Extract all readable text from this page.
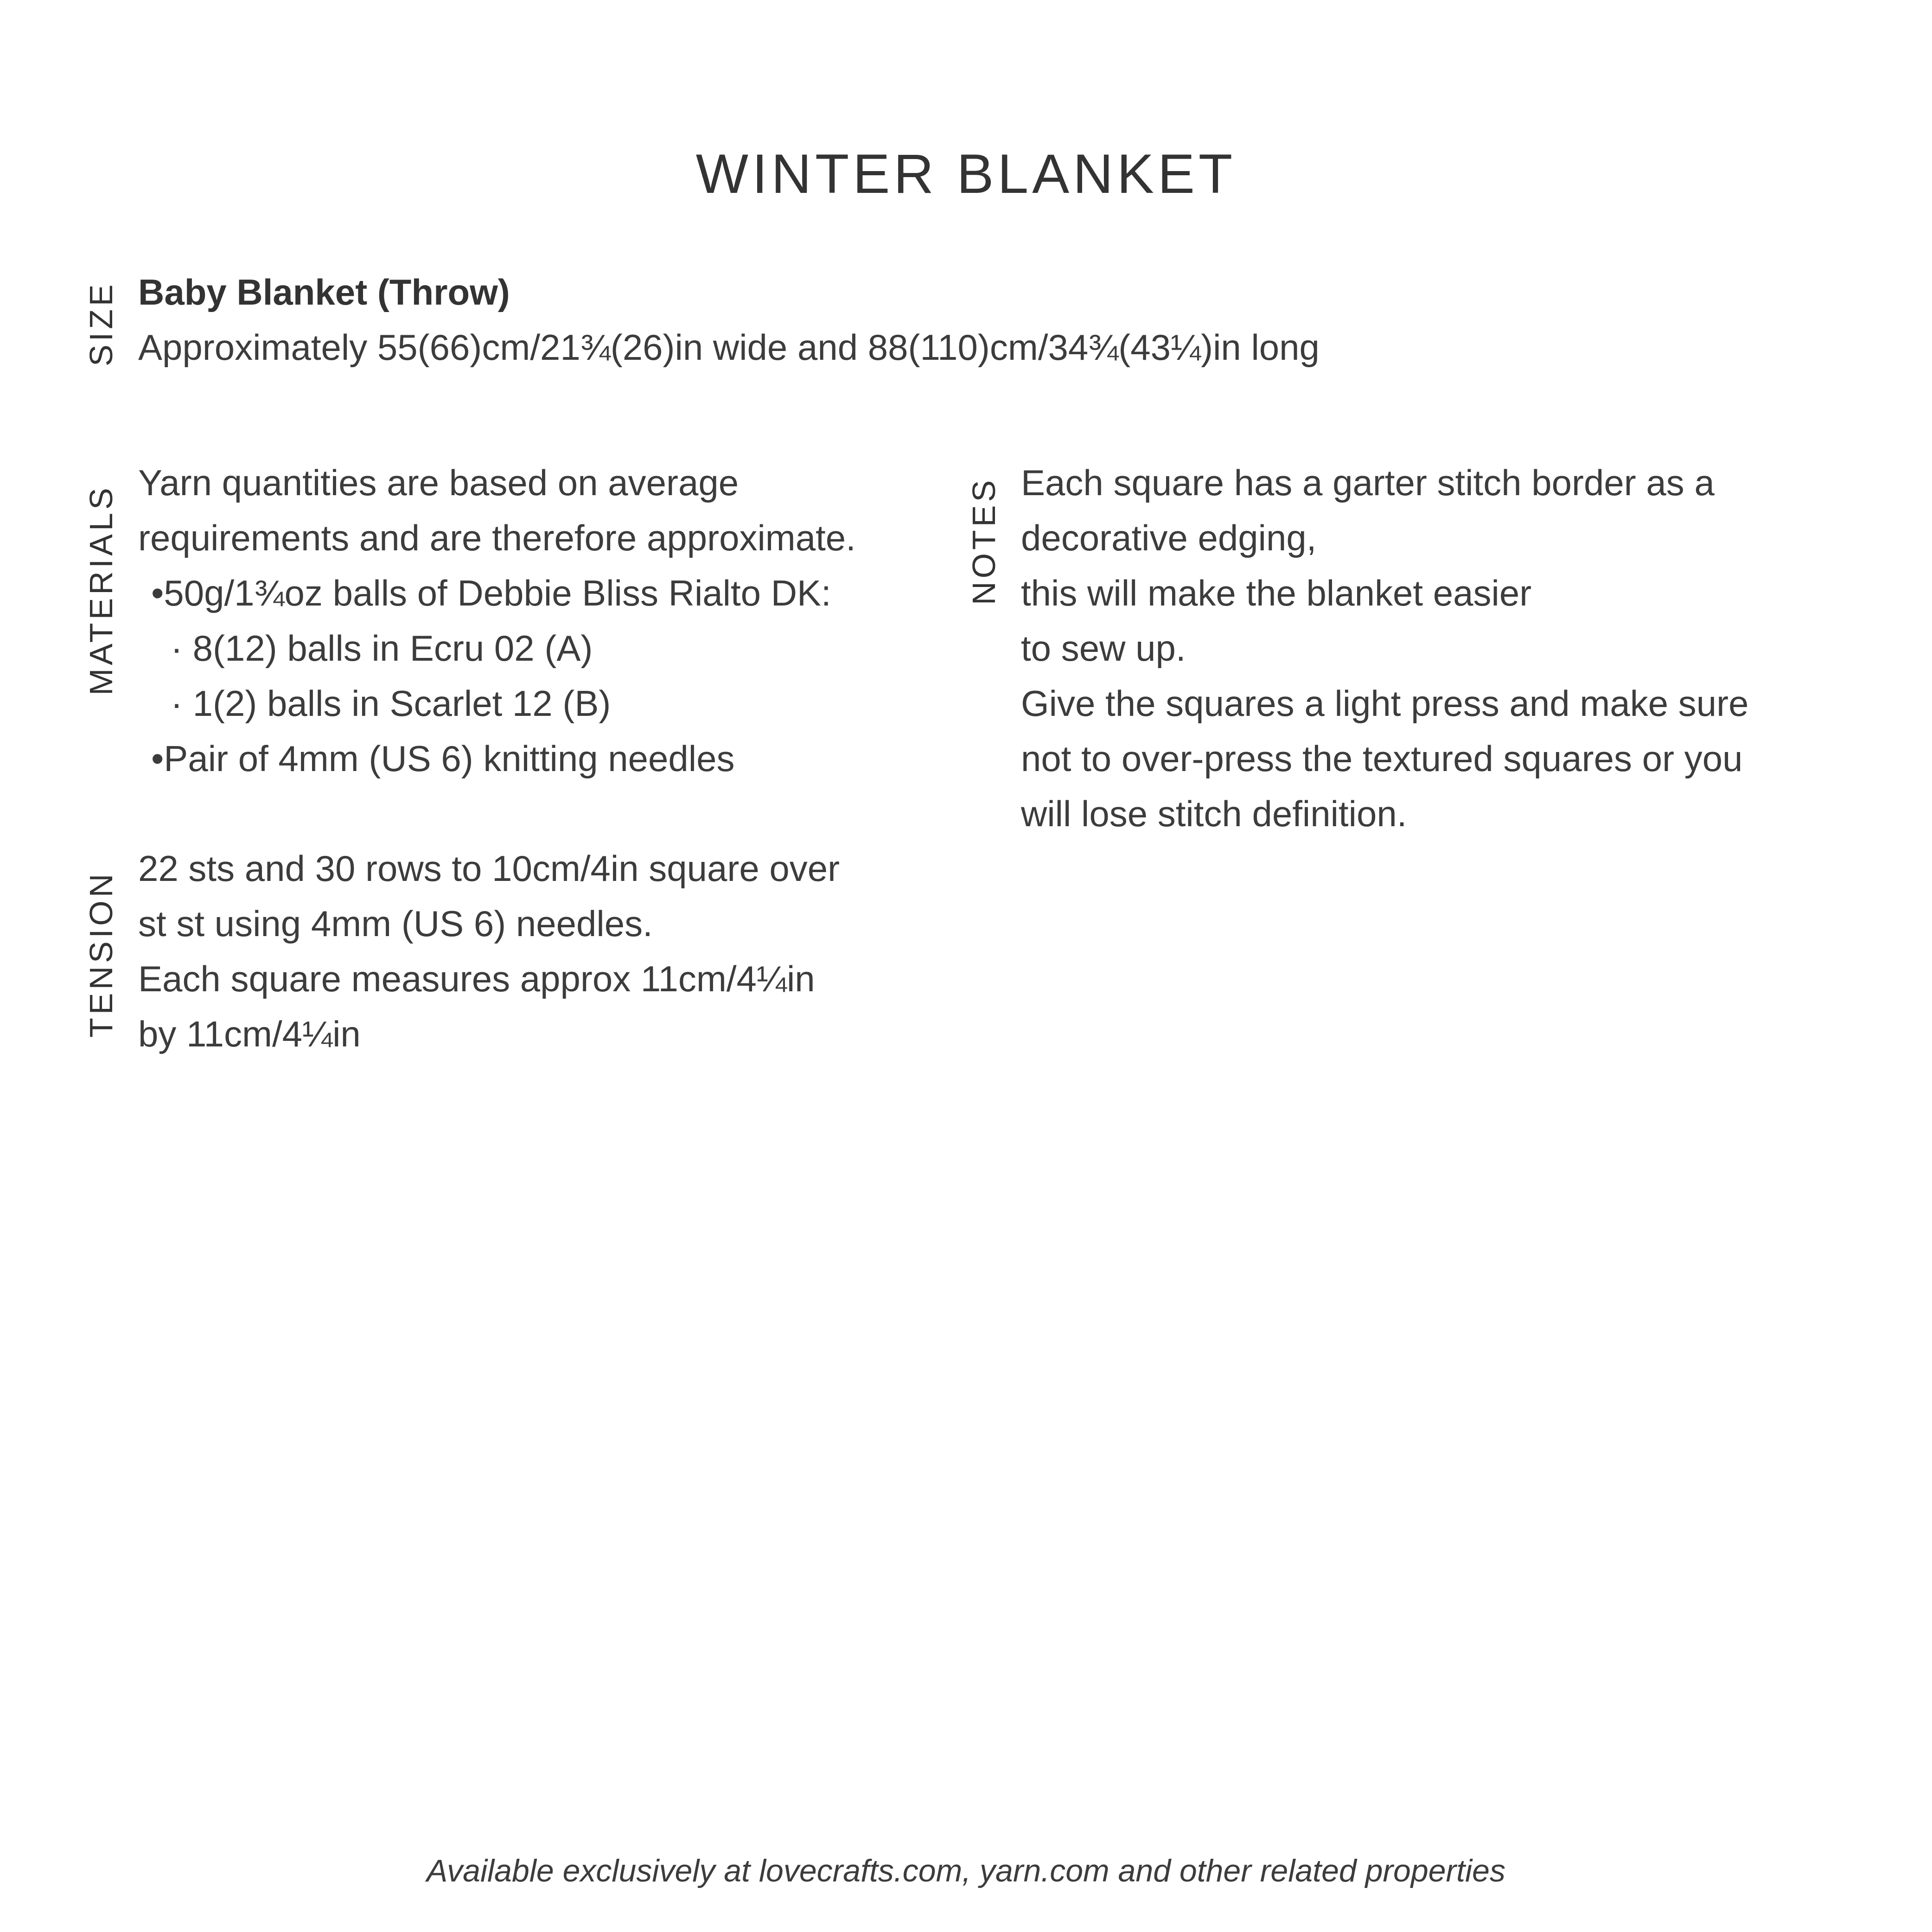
WINTER BLANKET
SIZE Baby Blanket (Throw)
Approximately 55(66)cm/21¾(26)in wide and 88(110)cm/34¾(43¼)in long
MATERIALS
Yarn quantities are based on average
requirements and are therefore approximate.
•50g/1¾oz balls of Debbie Bliss Rialto DK:
· 8(12) balls in Ecru 02 (A)
· 1(2) balls in Scarlet 12 (B)
•Pair of 4mm (US 6) knitting needles
TENSION
22 sts and 30 rows to 10cm/4in square over
st st using 4mm (US 6) needles.
Each square measures approx 11cm/4¼in
by 11cm/4¼in
NOTES Each square has a garter stitch border as a
decorative edging,
this will make the blanket easier
to sew up.
Give the squares a light press and make sure
not to over-press the textured squares or you
will lose stitch definition.
Available exclusively at lovecrafts.com, yarn.com and other related properties
